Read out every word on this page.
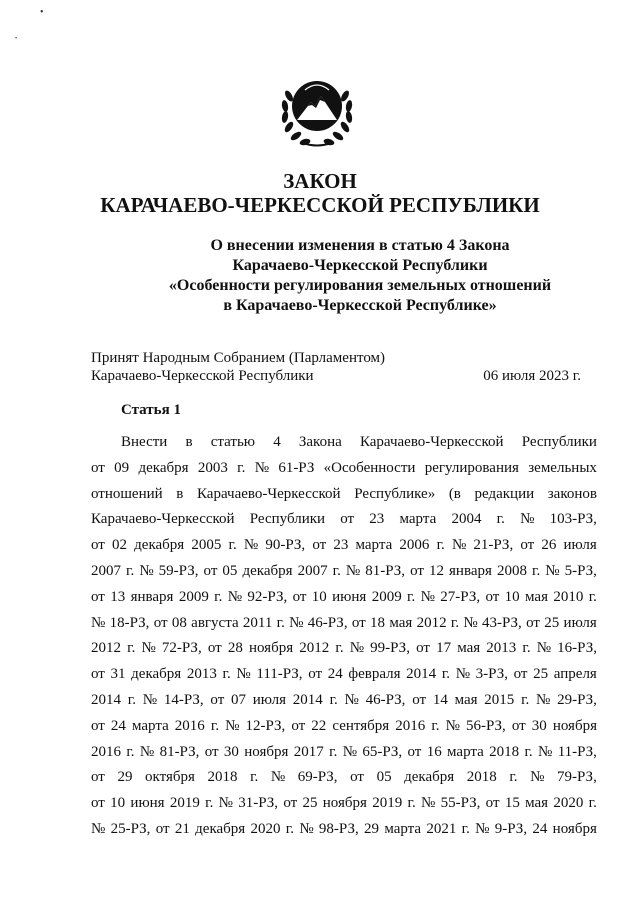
•
•
ЗАКОН
КАРАЧАЕВО-ЧЕРКЕССКОЙ РЕСПУБЛИКИ
О внесении изменения в статью 4 Закона
Карачаево-Черкесской Республики
«Особенности регулирования земельных отношений
в Карачаево-Черкесской Республике»
Принят Народным Собранием (Парламентом)
Карачаево-Черкесской Республики	06 июля 2023 г.
Статья 1
Внести в статью 4 Закона Карачаево-Черкесской Республики
от 09 декабря 2003 г. № 61-РЗ «Особенности регулирования земельных
отношений в Карачаево-Черкесской Республике» (в редакции законов
Карачаево-Черкесской Республики от 23 марта 2004 г. № 103-РЗ,
от 02 декабря 2005 г. № 90-РЗ, от 23 марта 2006 г. № 21-РЗ, от 26 июля
2007 г. № 59-РЗ, от 05 декабря 2007 г. № 81-РЗ, от 12 января 2008 г. № 5-РЗ,
от 13 января 2009 г. № 92-РЗ, от 10 июня 2009 г. № 27-РЗ, от 10 мая 2010 г.
№ 18-РЗ, от 08 августа 2011 г. № 46-РЗ, от 18 мая 2012 г. № 43-РЗ, от 25 июля
2012 г. № 72-РЗ, от 28 ноября 2012 г. № 99-РЗ, от 17 мая 2013 г. № 16-РЗ,
от 31 декабря 2013 г. № 111-РЗ, от 24 февраля 2014 г. № 3-РЗ, от 25 апреля
2014 г. № 14-РЗ, от 07 июля 2014 г. № 46-РЗ, от 14 мая 2015 г. № 29-РЗ,
от 24 марта 2016 г. № 12-РЗ, от 22 сентября 2016 г. № 56-РЗ, от 30 ноября
2016 г. № 81-РЗ, от 30 ноября 2017 г. № 65-РЗ, от 16 марта 2018 г. № 11-РЗ,
от 29 октября 2018 г. № 69-РЗ, от 05 декабря 2018 г. № 79-РЗ,
от 10 июня 2019 г. № 31-РЗ, от 25 ноября 2019 г. № 55-РЗ, от 15 мая 2020 г.
№ 25-РЗ, от 21 декабря 2020 г. № 98-РЗ, 29 марта 2021 г. № 9-РЗ, 24 ноября
